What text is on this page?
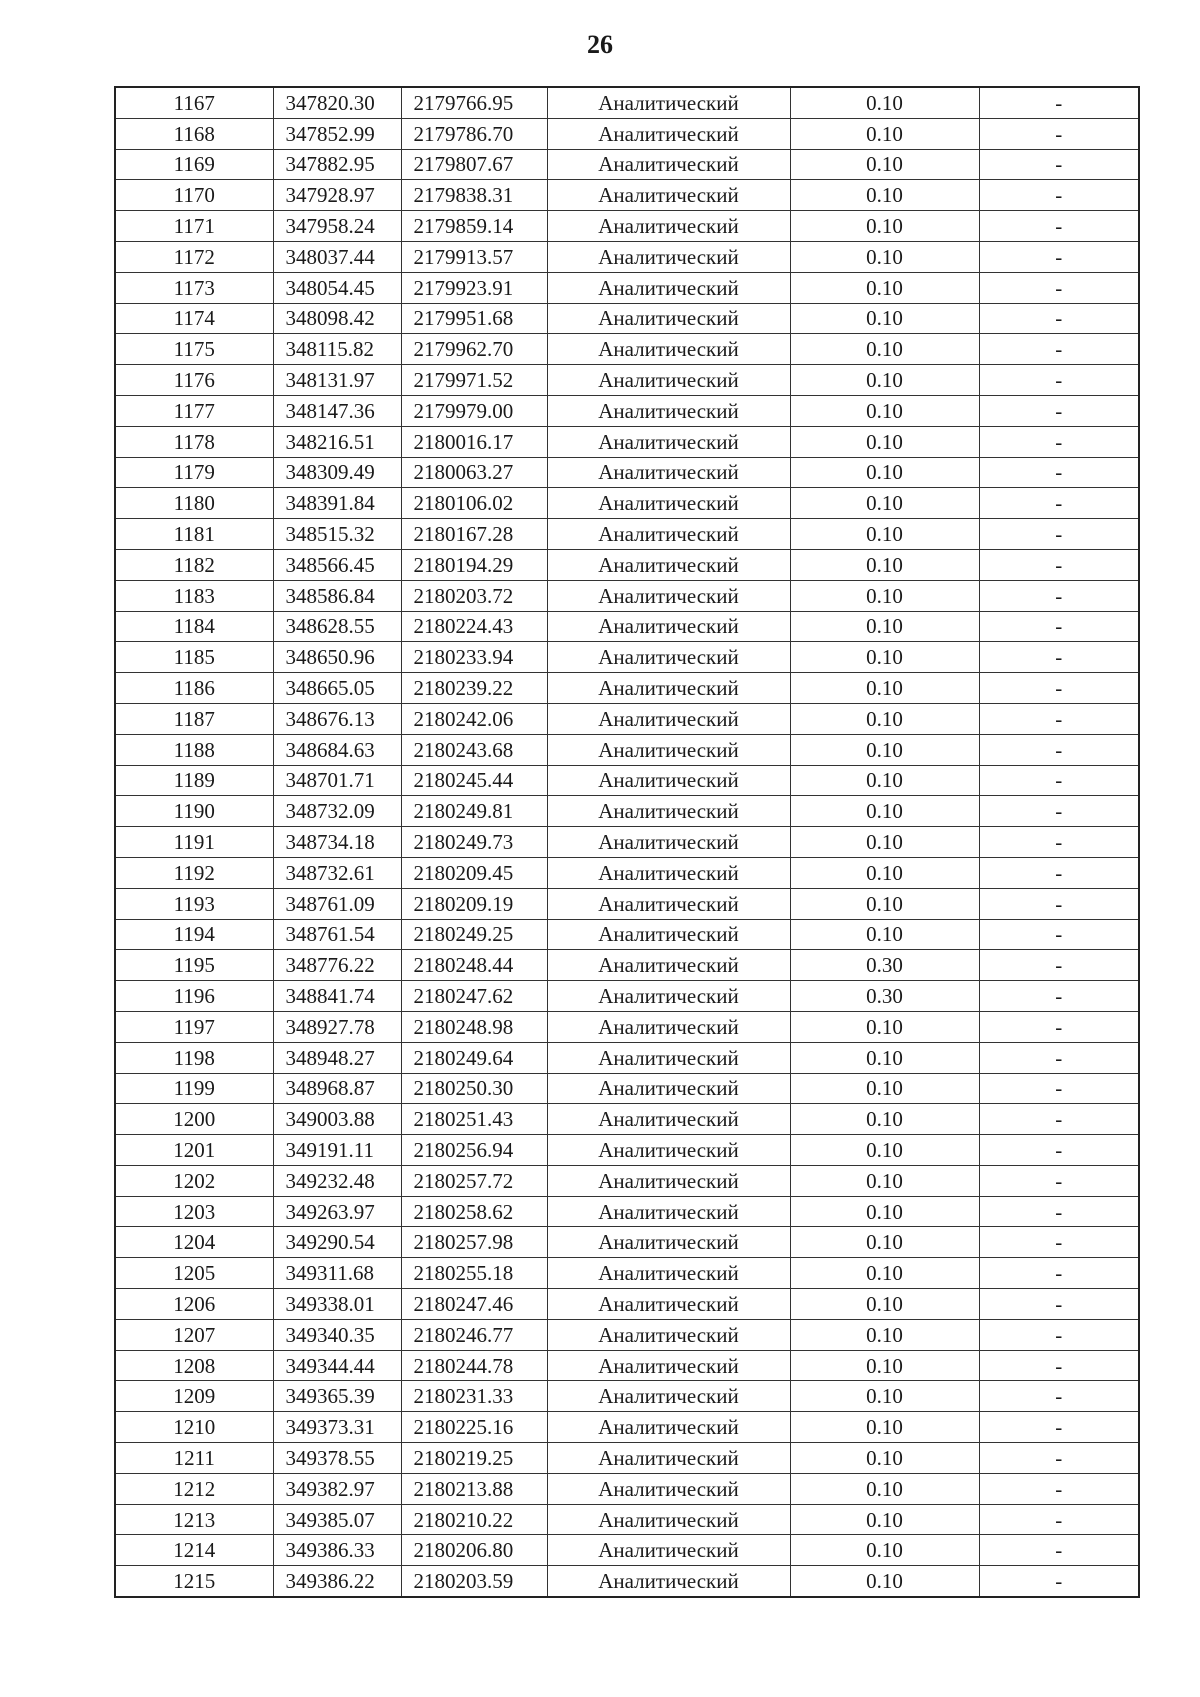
26
1167	347820.30	2179766.95	Аналитический	0.10	-
1168	347852.99	2179786.70	Аналитический	0.10	-
1169	347882.95	2179807.67	Аналитический	0.10	-
1170	347928.97	2179838.31	Аналитический	0.10	-
1171	347958.24	2179859.14	Аналитический	0.10	-
1172	348037.44	2179913.57	Аналитический	0.10	-
1173	348054.45	2179923.91	Аналитический	0.10	-
1174	348098.42	2179951.68	Аналитический	0.10	-
1175	348115.82	2179962.70	Аналитический	0.10	-
1176	348131.97	2179971.52	Аналитический	0.10	-
1177	348147.36	2179979.00	Аналитический	0.10	-
1178	348216.51	2180016.17	Аналитический	0.10	-
1179	348309.49	2180063.27	Аналитический	0.10	-
1180	348391.84	2180106.02	Аналитический	0.10	-
1181	348515.32	2180167.28	Аналитический	0.10	-
1182	348566.45	2180194.29	Аналитический	0.10	-
1183	348586.84	2180203.72	Аналитический	0.10	-
1184	348628.55	2180224.43	Аналитический	0.10	-
1185	348650.96	2180233.94	Аналитический	0.10	-
1186	348665.05	2180239.22	Аналитический	0.10	-
1187	348676.13	2180242.06	Аналитический	0.10	-
1188	348684.63	2180243.68	Аналитический	0.10	-
1189	348701.71	2180245.44	Аналитический	0.10	-
1190	348732.09	2180249.81	Аналитический	0.10	-
1191	348734.18	2180249.73	Аналитический	0.10	-
1192	348732.61	2180209.45	Аналитический	0.10	-
1193	348761.09	2180209.19	Аналитический	0.10	-
1194	348761.54	2180249.25	Аналитический	0.10	-
1195	348776.22	2180248.44	Аналитический	0.30	-
1196	348841.74	2180247.62	Аналитический	0.30	-
1197	348927.78	2180248.98	Аналитический	0.10	-
1198	348948.27	2180249.64	Аналитический	0.10	-
1199	348968.87	2180250.30	Аналитический	0.10	-
1200	349003.88	2180251.43	Аналитический	0.10	-
1201	349191.11	2180256.94	Аналитический	0.10	-
1202	349232.48	2180257.72	Аналитический	0.10	-
1203	349263.97	2180258.62	Аналитический	0.10	-
1204	349290.54	2180257.98	Аналитический	0.10	-
1205	349311.68	2180255.18	Аналитический	0.10	-
1206	349338.01	2180247.46	Аналитический	0.10	-
1207	349340.35	2180246.77	Аналитический	0.10	-
1208	349344.44	2180244.78	Аналитический	0.10	-
1209	349365.39	2180231.33	Аналитический	0.10	-
1210	349373.31	2180225.16	Аналитический	0.10	-
1211	349378.55	2180219.25	Аналитический	0.10	-
1212	349382.97	2180213.88	Аналитический	0.10	-
1213	349385.07	2180210.22	Аналитический	0.10	-
1214	349386.33	2180206.80	Аналитический	0.10	-
1215	349386.22	2180203.59	Аналитический	0.10	-
